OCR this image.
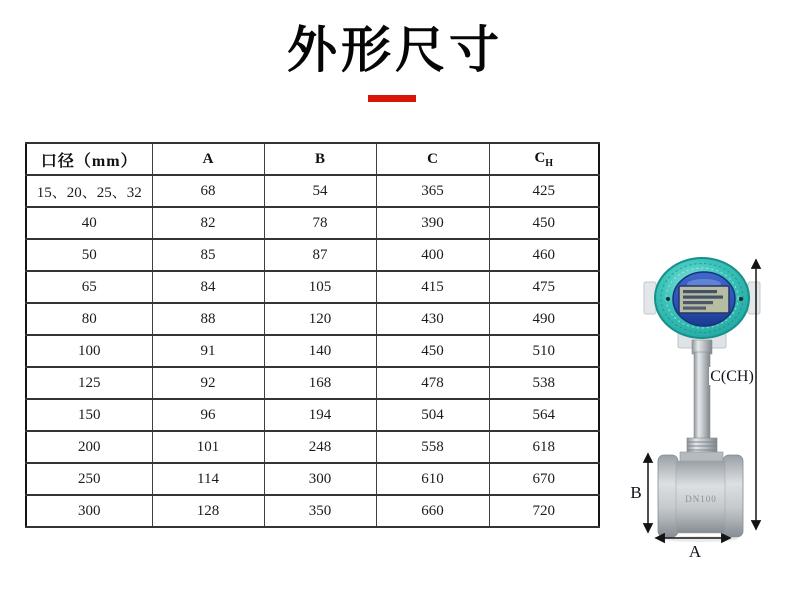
外形尺寸
口径（mm）	A	B	C	$C_H$
15、20、25、32	68	54	365	425
40	82	78	390	450
50	85	87	400	460
65	84	105	415	475
80	88	120	430	490
100	91	140	450	510
125	92	168	478	538
150	96	194	504	564
200	101	248	558	618
250	114	300	610	670
300	128	350	660	720
DN100
C(CH)
B
A
